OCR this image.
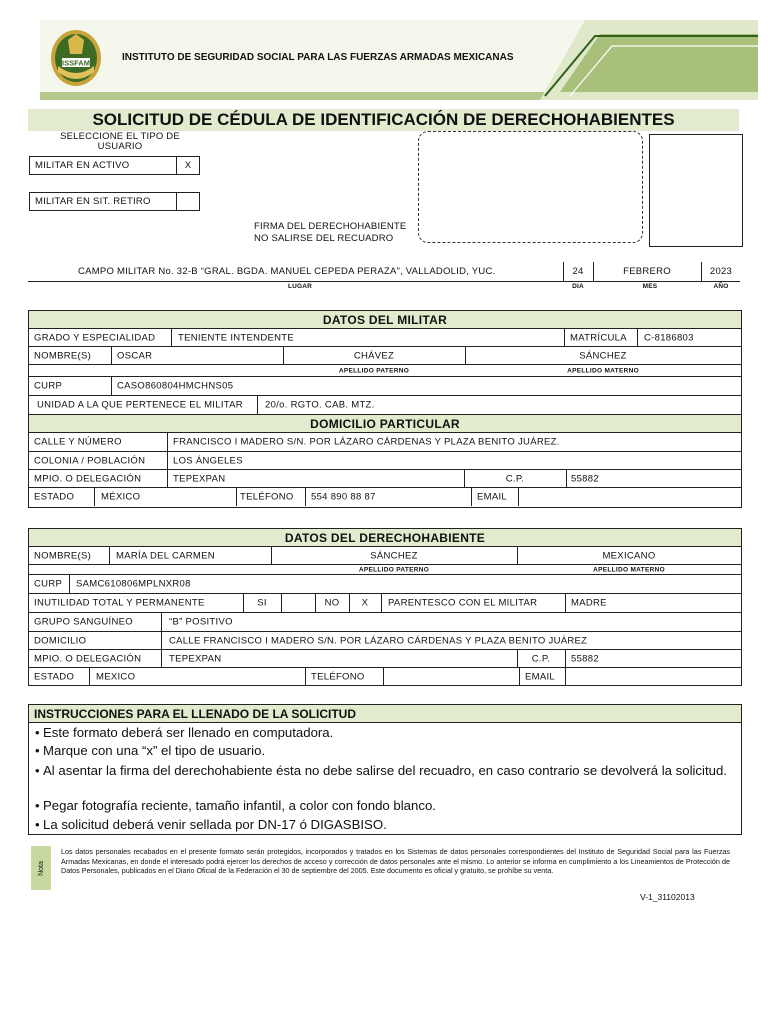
ISSFAM	INSTITUTO DE SEGURIDAD SOCIAL PARA LAS FUERZAS ARMADAS MEXICANAS
SOLICITUD DE CÉDULA DE IDENTIFICACIÓN DE DERECHOHABIENTES
SELECCIONE EL TIPO DE
USUARIO
MILITAR EN ACTIVO	X
MILITAR EN SIT. RETIRO
FIRMA DEL DERECHOHABIENTE
NO SALIRSE DEL RECUADRO
CAMPO MILITAR No. 32-B “GRAL. BGDA. MANUEL CEPEDA PERAZA”, VALLADOLID, YUC.	24	FEBRERO	2023
LUGAR	DIA	MES	AÑO
DATOS DEL MILITAR
GRADO Y ESPECIALIDAD TENIENTE INTENDENTE	MATRÍCULA C-8186803
NOMBRE(S)	OSCAR	CHÁVEZ	SÁNCHEZ
APELLIDO PATERNO	APELLIDO MATERNO
CURP	CASO860804HMCHNS05
UNIDAD A LA QUE PERTENECE EL MILITAR 20/o. RGTO. CAB. MTZ.
DOMICILIO PARTICULAR
CALLE Y NÚMERO	FRANCISCO I MADERO S/N. POR LÁZARO CÁRDENAS Y PLAZA BENITO JUÁREZ.
COLONIA / POBLACIÓN	LOS ÁNGELES
MPIO. O DELEGACIÓN	TEPEXPAN	C.P.	55882
ESTADO	MÉXICO	TELÉFONO 554 890 88 87	EMAIL
DATOS DEL DERECHOHABIENTE
NOMBRE(S)	MARÍA DEL CARMEN	SÁNCHEZ	MEXICANO
APELLIDO PATERNO	APELLIDO MATERNO
CURP SAMC610806MPLNXR08
INUTILIDAD TOTAL Y PERMANENTE	SI	NO	X	PARENTESCO CON EL MILITAR	MADRE
GRUPO SANGUÍNEO	“B” POSITIVO
DOMICILIO	CALLE FRANCISCO I MADERO S/N. POR LÁZARO CÁRDENAS Y PLAZA BENITO JUÁREZ
MPIO. O DELEGACIÓN	TEPEXPAN	C.P.	55882
ESTADO MEXICO	TELÉFONO	EMAIL
INSTRUCCIONES PARA EL LLENADO DE LA SOLICITUD
• Este formato deberá ser llenado en computadora.
• Marque con una “x” el tipo de usuario.
• Al asentar la firma del derechohabiente ésta no debe salirse del recuadro, en caso contrario se devolverá la solicitud.
• Pegar fotografía reciente, tamaño infantil, a color con fondo blanco.
• La solicitud deberá venir sellada por DN-17 ó DIGASBISO.
Nota
Los datos personales recabados en el presente formato serán protegidos, incorporados y tratados en los Sistemas de datos personales correspondientes del Instituto de Seguridad Social para las Fuerzas Armadas Mexicanas, en donde el interesado podrá ejercer los derechos de acceso y corrección de datos personales ante el mismo. Lo anterior se informa en cumplimiento a los Lineamientos de Protección de Datos Personales, publicados en el Diario Oficial de la Federación el 30 de septiembre del 2005. Este documento es oficial y gratuito, se prohíbe su venta.
V-1_31102013
